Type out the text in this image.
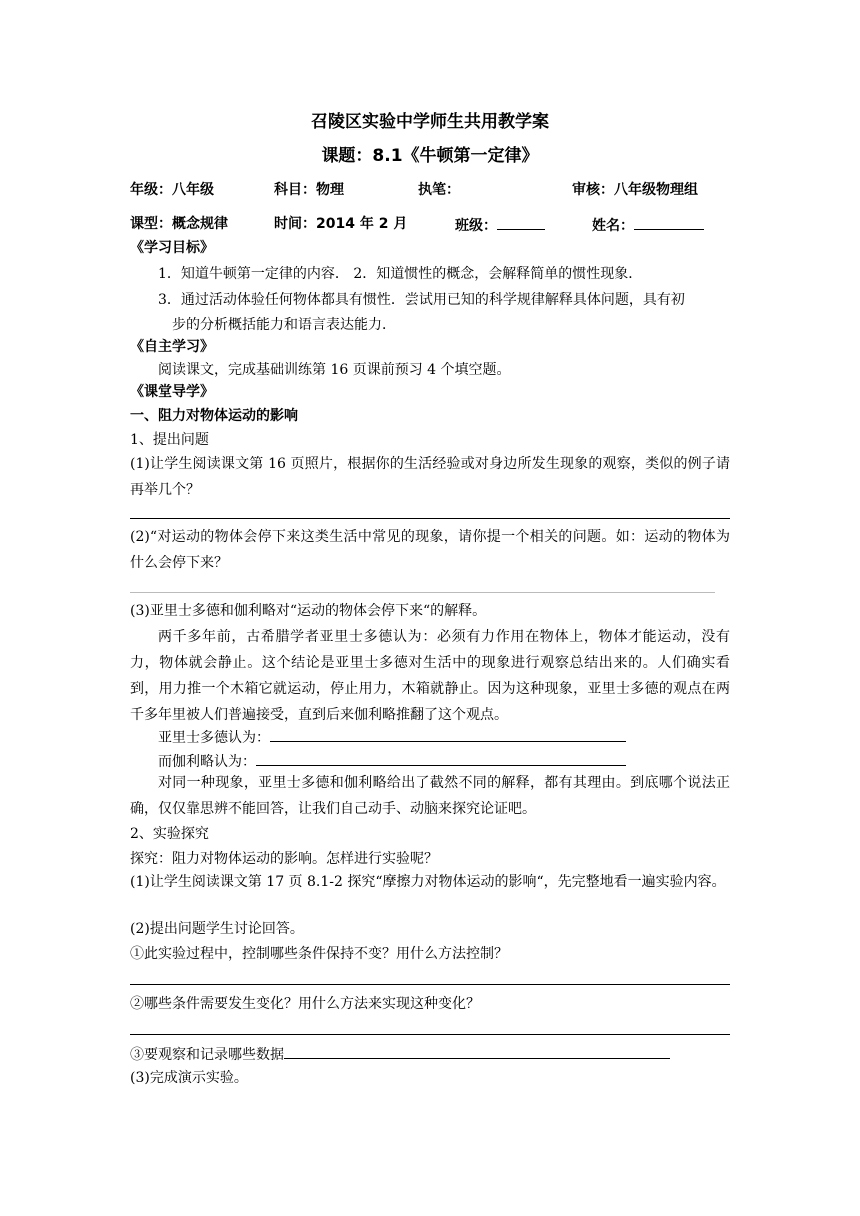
召陵区实验中学师生共用教学案
课题：8.1《牛顿第一定律》
年级：八年级	科目：物理	执笔：	审核：八年级物理组
课型：概念规律	时间：2014 年 2 月	班级：	姓名：
《学习目标》
1．知道牛顿第一定律的内容． 2．知道惯性的概念，会解释简单的惯性现象．
3．通过活动体验任何物体都具有惯性．尝试用已知的科学规律解释具体问题，具有初
步的分析概括能力和语言表达能力．
《自主学习》
阅读课文，完成基础训练第 16 页课前预习 4 个填空题。
《课堂导学》
一、阻力对物体运动的影响
1、提出问题
(1)让学生阅读课文第 16 页照片，根据你的生活经验或对身边所发生现象的观察，类似的例子请再举几个？
(2)“对运动的物体会停下来这类生活中常见的现象，请你提一个相关的问题。如：运动的物体为什么会停下来？
(3)亚里士多德和伽利略对“运动的物体会停下来“的解释。
两千多年前，古希腊学者亚里士多德认为：必须有力作用在物体上，物体才能运动，没有力，物体就会静止。这个结论是亚里士多德对生活中的现象进行观察总结出来的。人们确实看到，用力推一个木箱它就运动，停止用力，木箱就静止。因为这种现象，亚里士多德的观点在两千多年里被人们普遍接受，直到后来伽利略推翻了这个观点。
亚里士多德认为：
而伽利略认为：
对同一种现象，亚里士多德和伽利略给出了截然不同的解释，都有其理由。到底哪个说法正确，仅仅靠思辨不能回答，让我们自己动手、动脑来探究论证吧。
2、实验探究
探究：阻力对物体运动的影响。怎样进行实验呢？
(1)让学生阅读课文第 17 页 8.1-2 探究“摩擦力对物体运动的影响“，先完整地看一遍实验内容。
(2)提出问题学生讨论回答。
①此实验过程中，控制哪些条件保持不变？用什么方法控制？
②哪些条件需要发生变化？用什么方法来实现这种变化？
③要观察和记录哪些数据
(3)完成演示实验。
